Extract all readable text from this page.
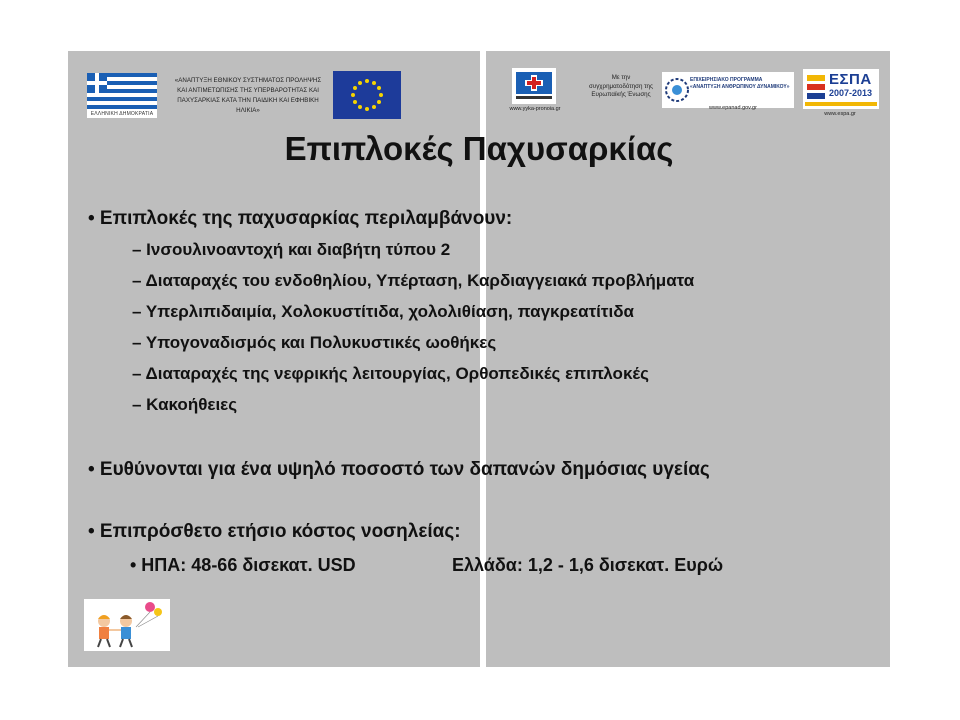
ΕΛΛΗΝΙΚΗ ΔΗΜΟΚΡΑΤΙΑ
«ΑΝΑΠΤΥΞΗ ΕΘΝΙΚΟΥ ΣΥΣΤΗΜΑΤΟΣ ΠΡΟΛΗΨΗΣ ΚΑΙ ΑΝΤΙΜΕΤΩΠΙΣΗΣ ΤΗΣ ΥΠΕΡΒΑΡΟΤΗΤΑΣ ΚΑΙ ΠΑΧΥΣΑΡΚΙΑΣ ΚΑΤΑ ΤΗΝ ΠΑΙΔΙΚΗ ΚΑΙ ΕΦΗΒΙΚΗ ΗΛΙΚΙΑ»	www.yyka-pronoia.gr
Με την συγχρηματοδότηση της Ευρωπαϊκής Ένωσης
ΕΠΙΧΕΙΡΗΣΙΑΚΟ ΠΡΟΓΡΑΜΜΑ «ΑΝΑΠΤΥΞΗ ΑΝΘΡΩΠΙΝΟΥ ΔΥΝΑΜΙΚΟΥ»
www.epanad.gov.gr
ΕΣΠΑ
2007-2013
www.espa.gr
Επιπλοκές Παχυσαρκίας
• Επιπλοκές της παχυσαρκίας περιλαμβάνουν:
– Ινσουλινοαντοχή και διαβήτη τύπου 2
– Διαταραχές του ενδοθηλίου, Υπέρταση, Καρδιαγγειακά προβλήματα
– Υπερλιπιδαιμία, Χολοκυστίτιδα, χολολιθίαση, παγκρεατίτιδα
– Υπογοναδισμός και Πολυκυστικές ωοθήκες
– Διαταραχές της νεφρικής λειτουργίας, Ορθοπεδικές επιπλοκές
– Κακοήθειες
• Ευθύνονται για ένα υψηλό ποσοστό των δαπανών δημόσιας υγείας
• Επιπρόσθετο ετήσιο κόστος νοσηλείας:
• ΗΠΑ: 48-66 δισεκατ. USD	Ελλάδα: 1,2 - 1,6 δισεκατ. Ευρώ
